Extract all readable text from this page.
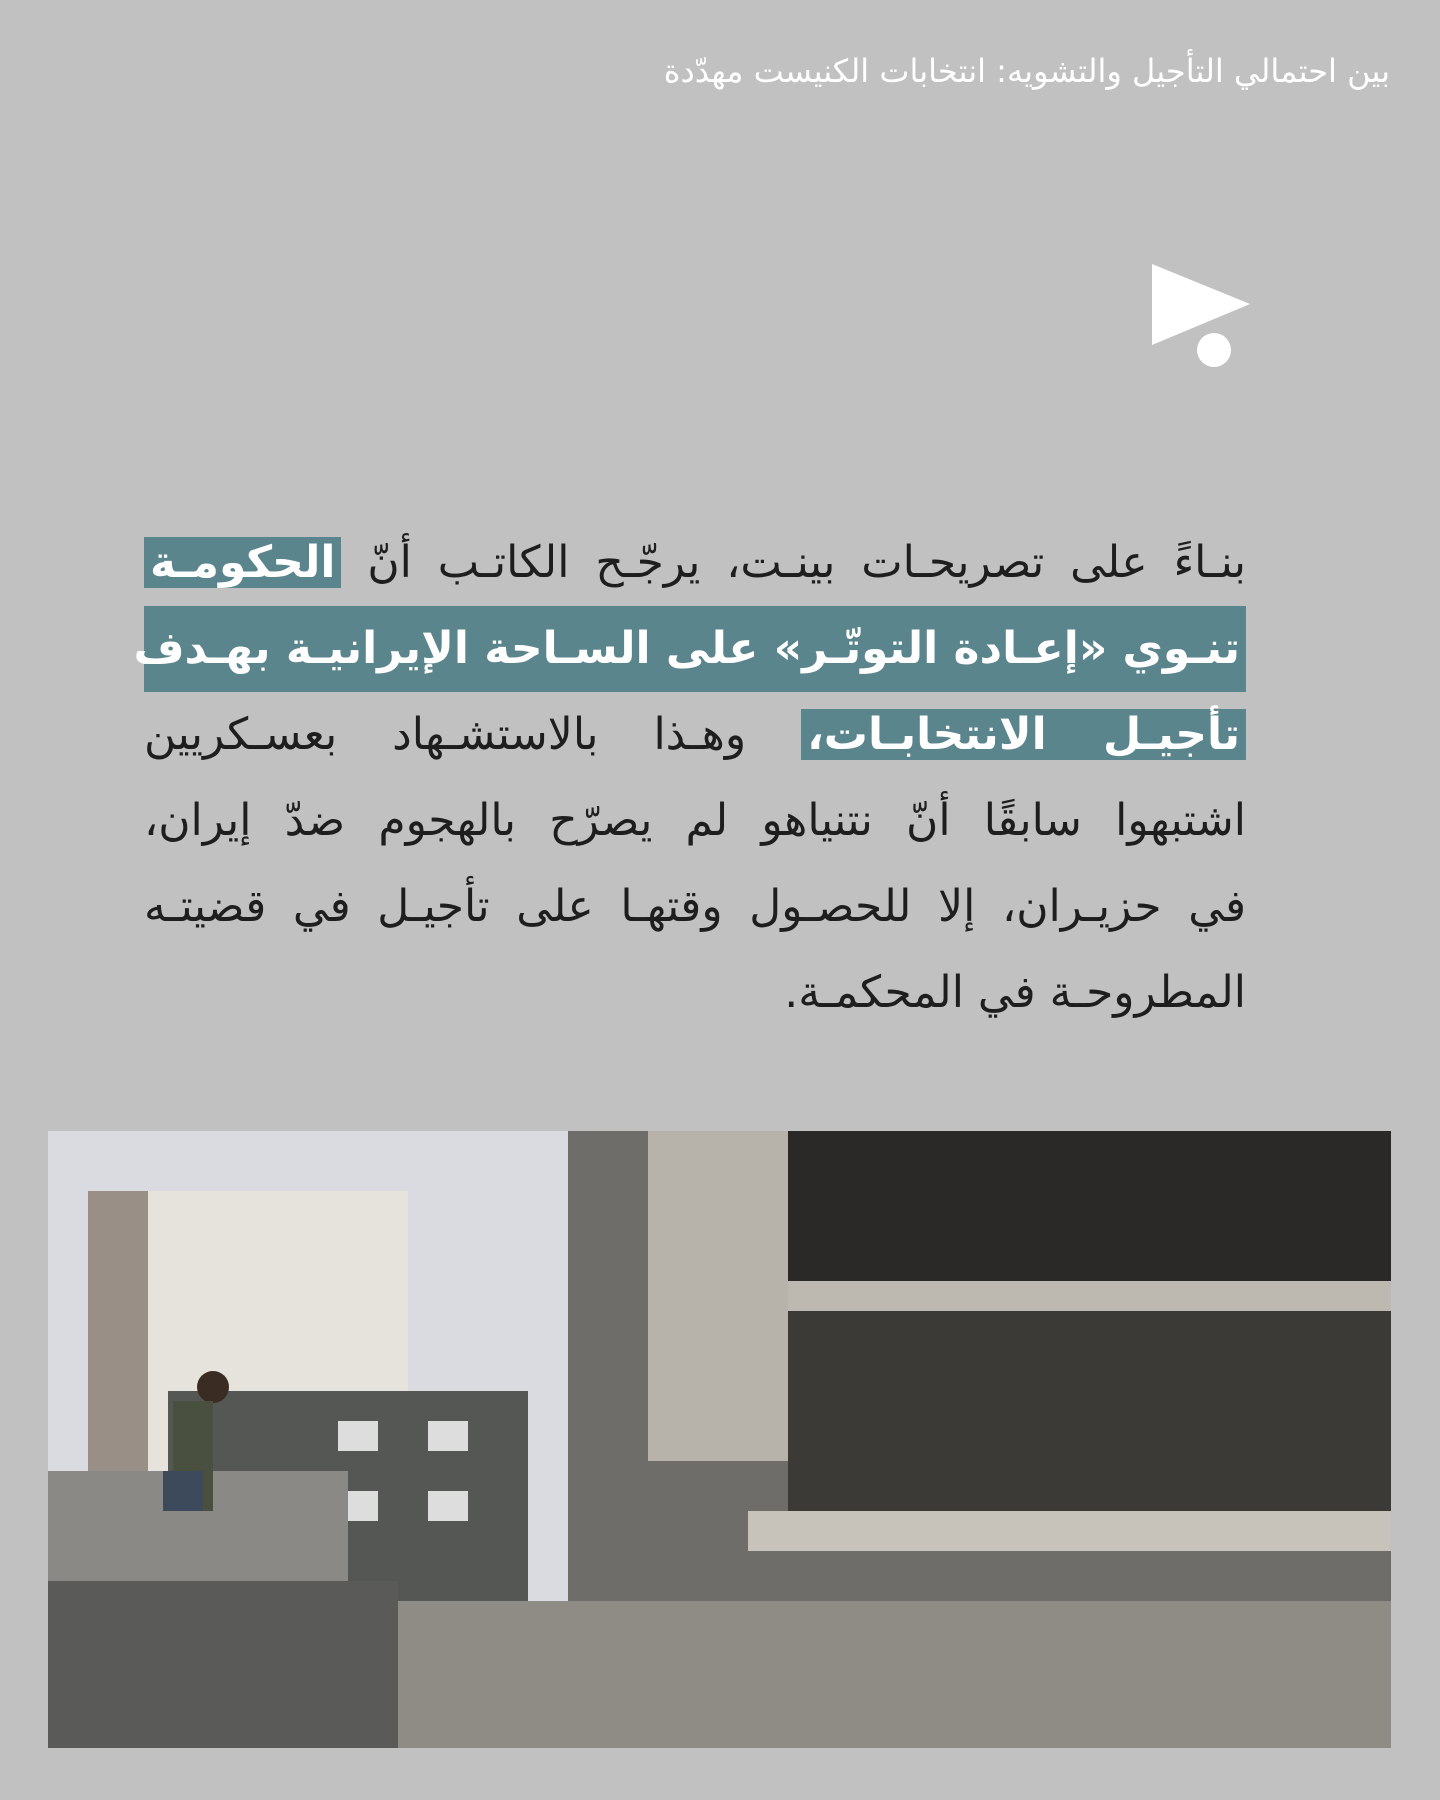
بين احتمالي التأجيل والتشويه: انتخابات الكنيست مهدّدة
بنـاءً على تصريحـات بينـت، يرجّـح الكاتـب أنّ الحكومـة
تنـوي «إعـادة التوتّـر» على السـاحة الإيرانيـة بهـدف
تأجيـل الانتخابـات، وهـذا بالاستشـهاد بعسـكريين
اشتبهوا سابقًا أنّ نتنياهو لم يصرّح بالهجوم ضدّ إيران،
في حزيـران، إلا للحصـول وقتهـا على تأجيـل في قضيتـه
المطروحـة في المحكمـة.
